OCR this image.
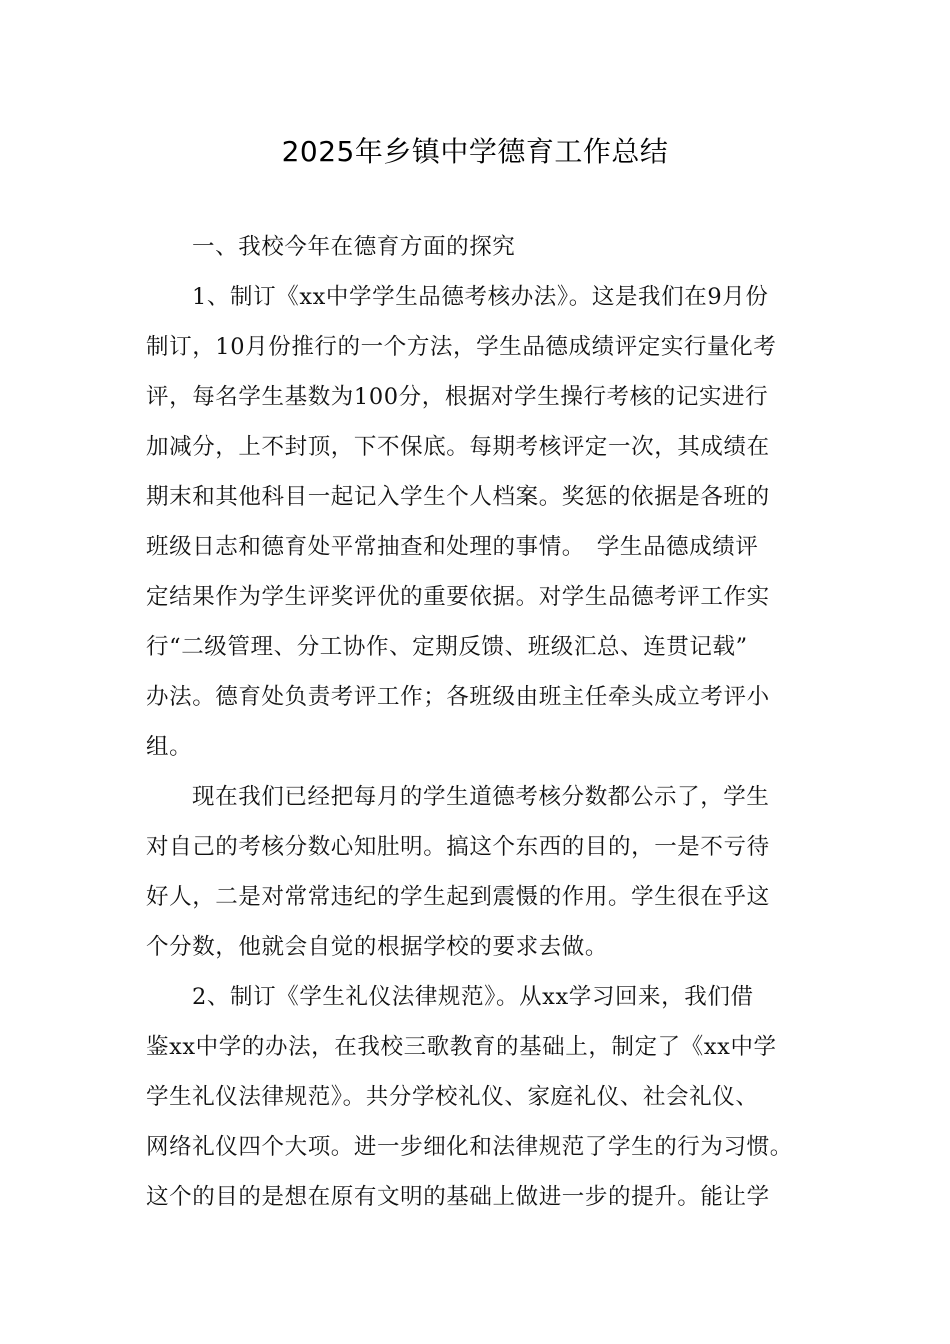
2025年乡镇中学德育工作总结
一、我校今年在德育方面的探究
1、制订《xx中学学生品德考核办法》。这是我们在9月份
制订，10月份推行的一个方法，学生品德成绩评定实行量化考
评，每名学生基数为100分，根据对学生操行考核的记实进行
加减分，上不封顶，下不保底。每期考核评定一次，其成绩在
期末和其他科目一起记入学生个人档案。奖惩的依据是各班的
班级日志和德育处平常抽查和处理的事情。　学生品德成绩评
定结果作为学生评奖评优的重要依据。对学生品德考评工作实
行“二级管理、分工协作、定期反馈、班级汇总、连贯记载”
办法。德育处负责考评工作；各班级由班主任牵头成立考评小
组。
现在我们已经把每月的学生道德考核分数都公示了，学生
对自己的考核分数心知肚明。搞这个东西的目的，一是不亏待
好人，二是对常常违纪的学生起到震慑的作用。学生很在乎这
个分数，他就会自觉的根据学校的要求去做。
2、制订《学生礼仪法律规范》。从xx学习回来，我们借
鉴xx中学的办法，在我校三歌教育的基础上，制定了《xx中学
学生礼仪法律规范》。共分学校礼仪、家庭礼仪、社会礼仪、
网络礼仪四个大项。进一步细化和法律规范了学生的行为习惯。
这个的目的是想在原有文明的基础上做进一步的提升。能让学
